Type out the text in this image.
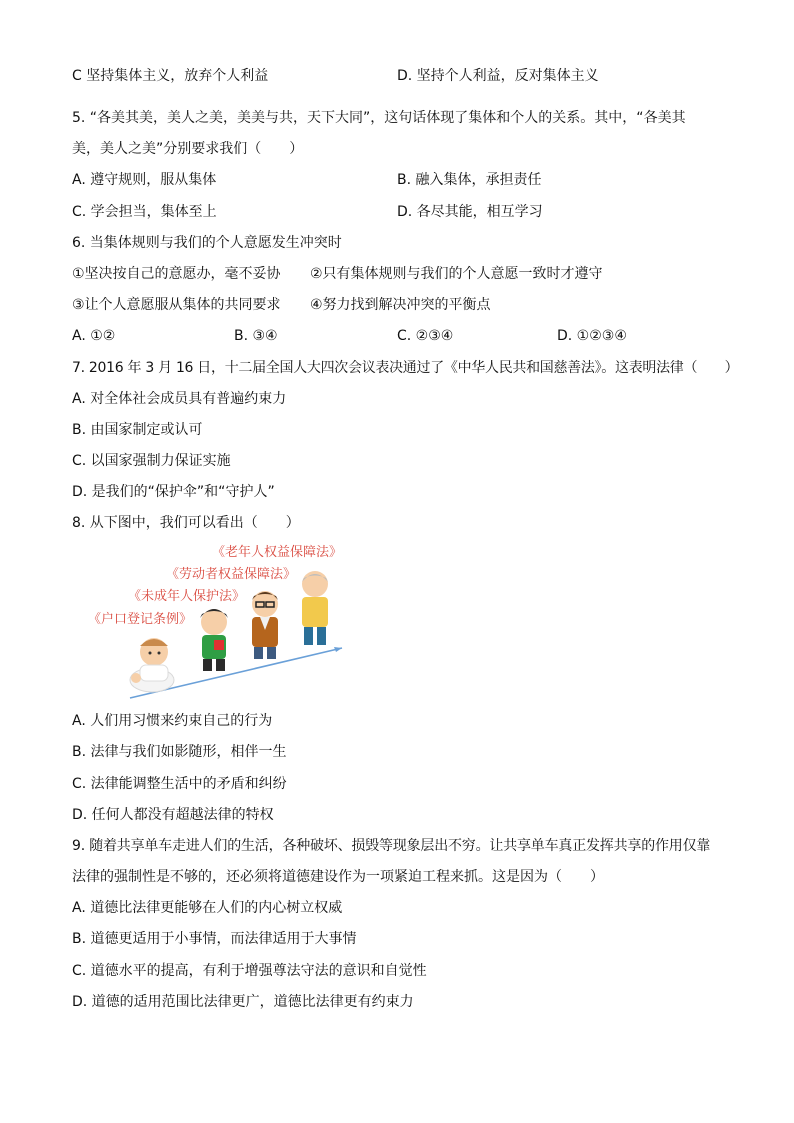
C 坚持集体主义，放弃个人利益	D. 坚持个人利益，反对集体主义
5. “各美其美，美人之美，美美与共，天下大同”，这句话体现了集体和个人的关系。其中，“各美其
美，美人之美”分别要求我们（　　）
A. 遵守规则，服从集体	B. 融入集体，承担责任
C. 学会担当，集体至上	D. 各尽其能，相互学习
6. 当集体规则与我们的个人意愿发生冲突时
①坚决按自己的意愿办，毫不妥协 ②只有集体规则与我们的个人意愿一致时才遵守
③让个人意愿服从集体的共同要求 ④努力找到解决冲突的平衡点
A. ①②	B. ③④	C. ②③④	D. ①②③④
7. 2016 年 3 月 16 日，十二届全国人大四次会议表决通过了《中华人民共和国慈善法》。这表明法律（　　）
A. 对全体社会成员具有普遍约束力
B. 由国家制定或认可
C. 以国家强制力保证实施
D. 是我们的“保护伞”和“守护人”
8. 从下图中，我们可以看出（　　）
《老年人权益保障法》
《劳动者权益保障法》
《未成年人保护法》
《户口登记条例》
A. 人们用习惯来约束自己的行为
B. 法律与我们如影随形，相伴一生
C. 法律能调整生活中的矛盾和纠纷
D. 任何人都没有超越法律的特权
9. 随着共享单车走进人们的生活，各种破坏、损毁等现象层出不穷。让共享单车真正发挥共享的作用仅靠
法律的强制性是不够的，还必须将道德建设作为一项紧迫工程来抓。这是因为（　　）
A. 道德比法律更能够在人们的内心树立权威
B. 道德更适用于小事情，而法律适用于大事情
C. 道德水平的提高，有利于增强尊法守法的意识和自觉性
D. 道德的适用范围比法律更广，道德比法律更有约束力
